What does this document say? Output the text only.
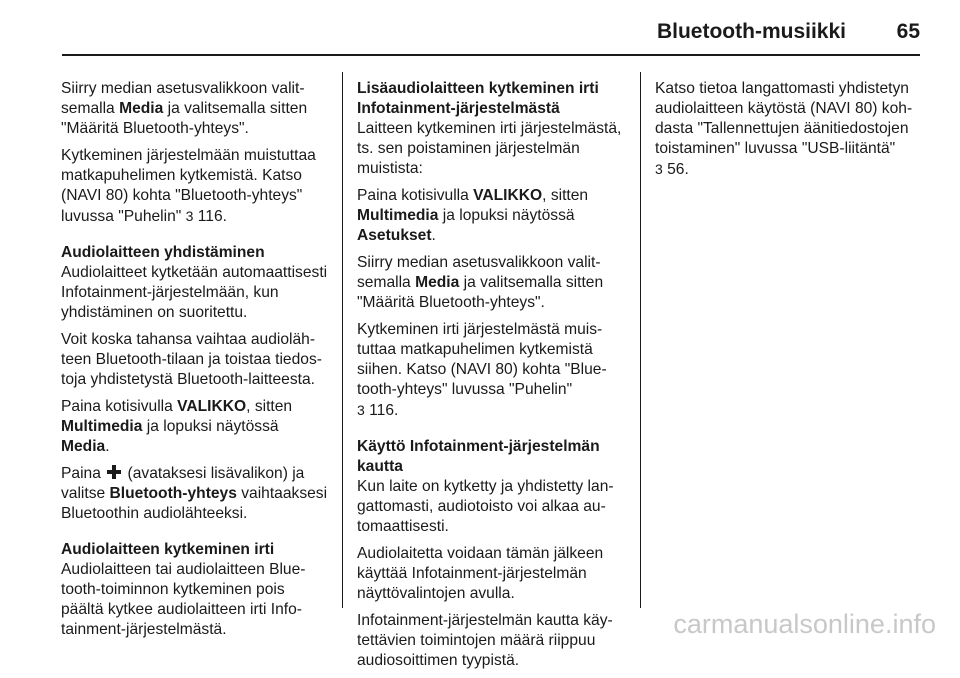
Bluetooth-musiikki 65

Siirry median asetusvalikkoon valitsemalla Media ja valitsemalla sitten "Määritä Bluetooth-yhteys".

Kytkeminen järjestelmään muistuttaa matkapuhelimen kytkemistä. Katso (NAVI 80) kohta "Bluetooth-yhteys" luvussa "Puhelin" 3 116.

Audiolaitteen yhdistäminen

Audiolaitteet kytketään automaattisesti Infotainment-järjestelmään, kun yhdistäminen on suoritettu.

Voit koska tahansa vaihtaa audiolähteen Bluetooth-tilaan ja toistaa tiedostoja yhdistetystä Bluetooth-laitteesta.

Paina kotisivulla VALIKKO, sitten
Multimedia ja lopuksi näytössä
Media.

Paina  (avataksesi lisävalikon) ja valitse Bluetooth-yhteys vaihtaaksesi Bluetoothin audiolähteeksi.

Audiolaitteen kytkeminen irti

Audiolaitteen tai audiolaitteen Bluetooth-toiminnon kytkeminen pois päältä kytkee audiolaitteen irti Infotainment-järjestelmästä.

Lisäaudiolaitteen kytkeminen irti Infotainment-järjestelmästä

Laitteen kytkeminen irti järjestelmästä, ts. sen poistaminen järjestelmän muistista:

Paina kotisivulla VALIKKO, sitten
Multimedia ja lopuksi näytössä
Asetukset.

Siirry median asetusvalikkoon valitsemalla Media ja valitsemalla sitten "Määritä Bluetooth-yhteys".

Kytkeminen irti järjestelmästä muistuttaa matkapuhelimen kytkemistä siihen. Katso (NAVI 80) kohta "Bluetooth-yhteys" luvussa "Puhelin"
3 116.

Käyttö Infotainment-järjestelmän kautta

Kun laite on kytketty ja yhdistetty langattomasti, audiotoisto voi alkaa automaattisesti.

Audiolaitetta voidaan tämän jälkeen käyttää Infotainment-järjestelmän näyttövalintojen avulla.

Infotainment-järjestelmän kautta käytettävien toimintojen määrä riippuu audiosoittimen tyypistä.

Katso tietoa langattomasti yhdistetyn audiolaitteen käytöstä (NAVI 80) kohdasta "Tallennettujen äänitiedostojen toistaminen" luvussa "USB-liitäntä"
3 56.

carmanualsonline.info
